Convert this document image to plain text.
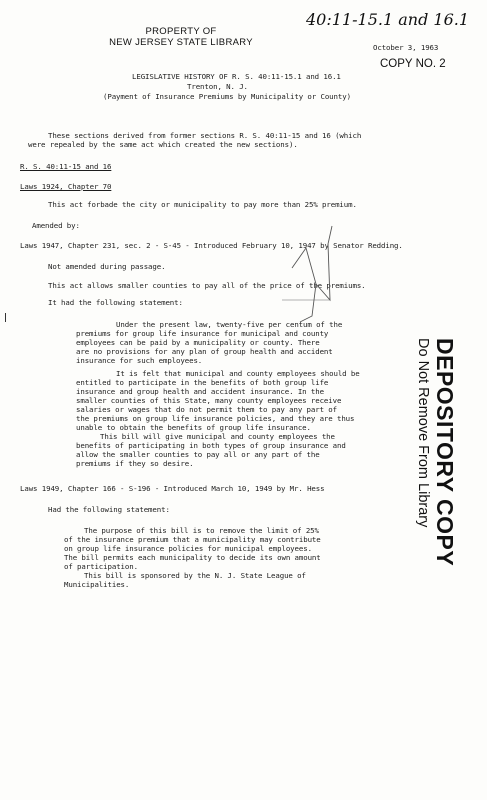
PROPERTY OF
NEW JERSEY STATE LIBRARY
40:11-15.1 and 16.1
October 3, 1963
COPY NO. 2
LEGISLATIVE HISTORY OF R. S. 40:11-15.1 and 16.1
Trenton, N. J.
(Payment of Insurance Premiums by Municipality or County)
These sections derived from former sections R. S. 40:11-15 and 16 (which
were repealed by the same act which created the new sections).
R. S. 40:11-15 and 16
Laws 1924, Chapter 70
This act forbade the city or municipality to pay more than 25% premium.
Amended by:
Laws 1947, Chapter 231, sec. 2 - S-45 - Introduced February 10, 1947 by Senator Redding.
Not amended during passage.
This act allows smaller counties to pay all of the price of the premiums.
It had the following statement:
Under the present law, twenty-five per centum of the
premiums for group life insurance for municipal and county
employees can be paid by a municipality or county. There
are no provisions for any plan of group health and accident
insurance for such employees.
It is felt that municipal and county employees should be
entitled to participate in the benefits of both group life
insurance and group health and accident insurance. In the
smaller counties of this State, many county employees receive
salaries or wages that do not permit them to pay any part of
the premiums on group life insurance policies, and they are thus
unable to obtain the benefits of group life insurance.
This bill will give municipal and county employees the
benefits of participating in both types of group insurance and
allow the smaller counties to pay all or any part of the
premiums if they so desire.
Laws 1949, Chapter 166 - S-196 - Introduced March 10, 1949 by Mr. Hess
Had the following statement:
The purpose of this bill is to remove the limit of 25%
of the insurance premium that a municipality may contribute
on group life insurance policies for municipal employees.
The bill permits each municipality to decide its own amount
of participation.
This bill is sponsored by the N. J. State League of
Municipalities.
DEPOSITORY COPY
Do Not Remove From Library
